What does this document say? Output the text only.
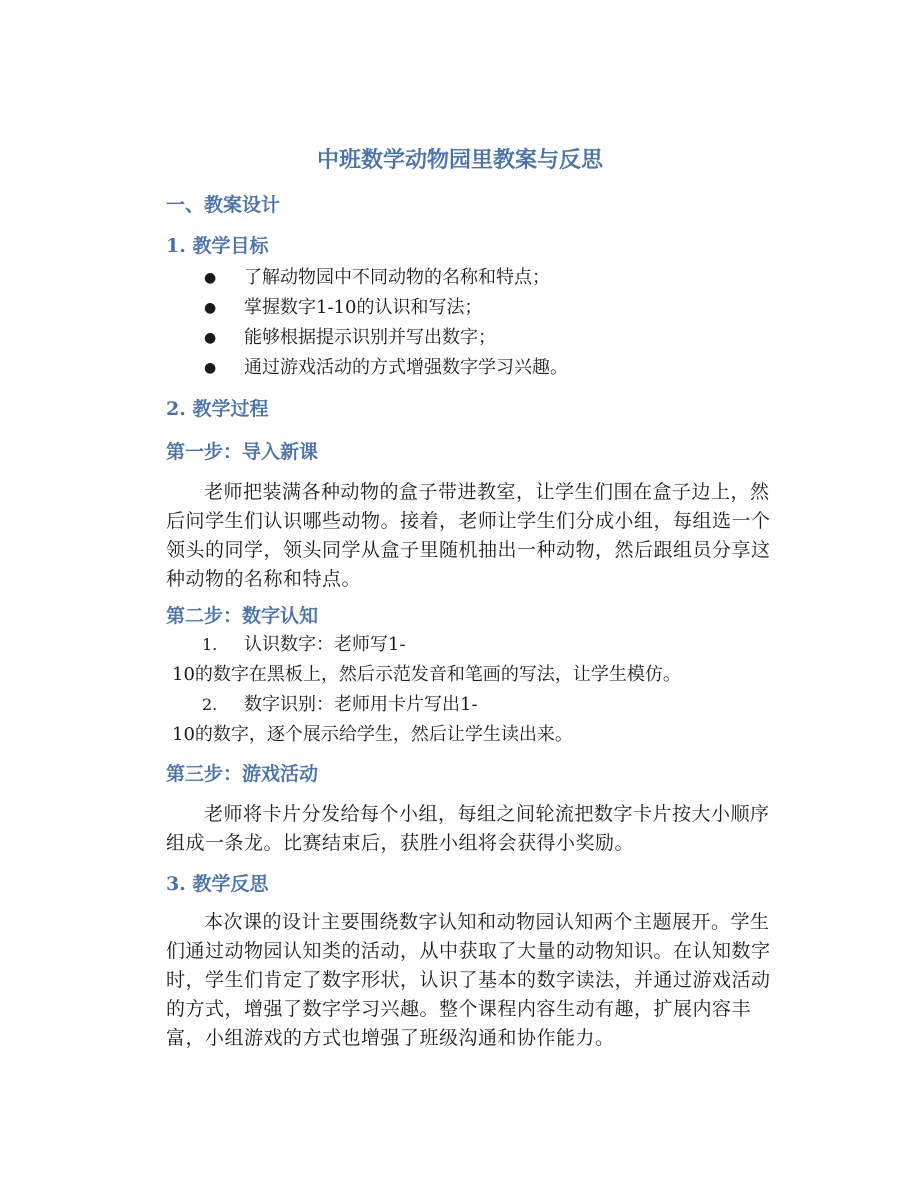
中班数学动物园里教案与反思
一、教案设计
1. 教学目标
● 了解动物园中不同动物的名称和特点；
● 掌握数字1-10的认识和写法；
● 能够根据提示识别并写出数字；
● 通过游戏活动的方式增强数字学习兴趣。
2. 教学过程
第一步：导入新课
老师把装满各种动物的盒子带进教室，让学生们围在盒子边上，然后问学生们认识哪些动物。接着，老师让学生们分成小组，每组选一个领头的同学，领头同学从盒子里随机抽出一种动物，然后跟组员分享这种动物的名称和特点。
第二步：数字认知
1. 认识数字：老师写1-
10的数字在黑板上，然后示范发音和笔画的写法，让学生模仿。
2. 数字识别：老师用卡片写出1-
10的数字，逐个展示给学生，然后让学生读出来。
第三步：游戏活动
老师将卡片分发给每个小组，每组之间轮流把数字卡片按大小顺序组成一条龙。比赛结束后，获胜小组将会获得小奖励。
3. 教学反思
本次课的设计主要围绕数字认知和动物园认知两个主题展开。学生们通过动物园认知类的活动，从中获取了大量的动物知识。在认知数字时，学生们肯定了数字形状，认识了基本的数字读法，并通过游戏活动的方式，增强了数字学习兴趣。整个课程内容生动有趣，扩展内容丰富，小组游戏的方式也增强了班级沟通和协作能力。
